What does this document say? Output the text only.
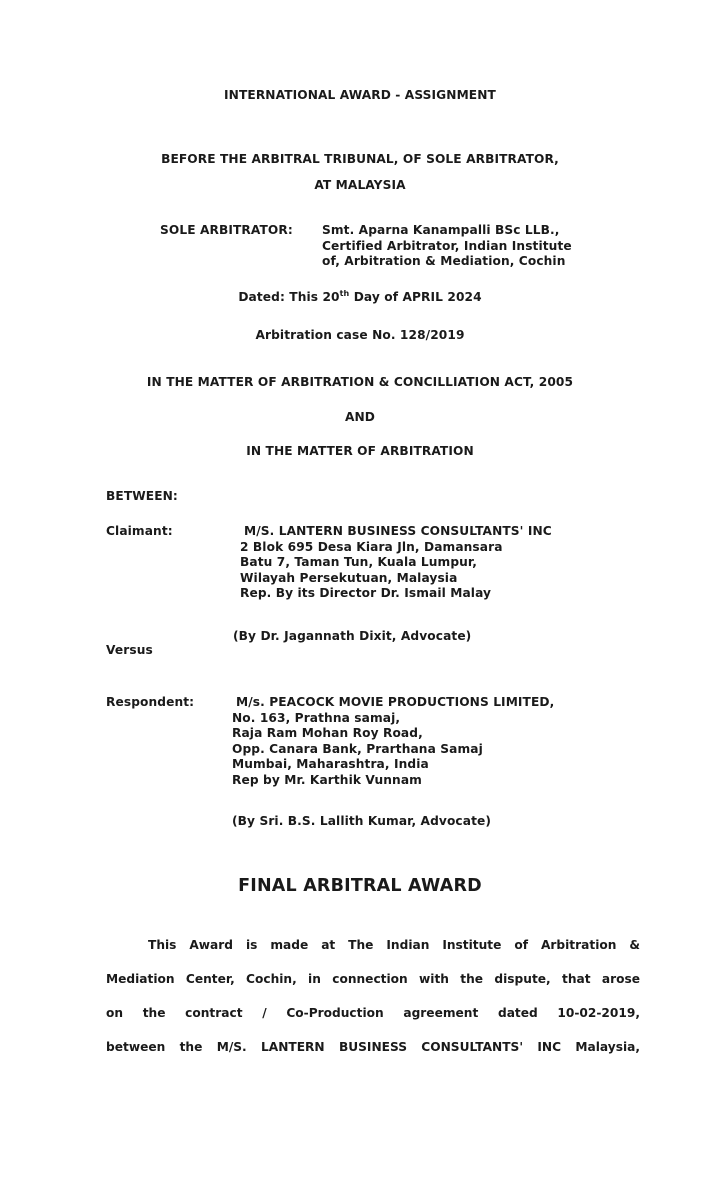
INTERNATIONAL AWARD - ASSIGNMENT
BEFORE THE ARBITRAL TRIBUNAL, OF SOLE ARBITRATOR,
AT MALAYSIA
SOLE ARBITRATOR: Smt. Aparna Kanampalli BSc LLB.,
Certified Arbitrator, Indian Institute
of, Arbitration & Mediation, Cochin
Dated: This 20th Day of APRIL 2024
Arbitration case No. 128/2019
IN THE MATTER OF ARBITRATION & CONCILLIATION ACT, 2005
AND
IN THE MATTER OF ARBITRATION
BETWEEN:
Claimant:	M/S. LANTERN BUSINESS CONSULTANTS' INC
2 Blok 695 Desa Kiara Jln, Damansara
Batu 7, Taman Tun, Kuala Lumpur,
Wilayah Persekutuan, Malaysia
Rep. By its Director Dr. Ismail Malay
(By Dr. Jagannath Dixit, Advocate)
Versus
Respondent:	M/s. PEACOCK MOVIE PRODUCTIONS LIMITED,
No. 163, Prathna samaj,
Raja Ram Mohan Roy Road,
Opp. Canara Bank, Prarthana Samaj
Mumbai, Maharashtra, India
Rep by Mr. Karthik Vunnam
(By Sri. B.S. Lallith Kumar, Advocate)
FINAL ARBITRAL AWARD
This Award is made at The Indian Institute of Arbitration &
Mediation Center, Cochin, in connection with the dispute, that arose
on the contract / Co-Production agreement dated 10-02-2019,
between the M/S. LANTERN BUSINESS CONSULTANTS' INC Malaysia,
